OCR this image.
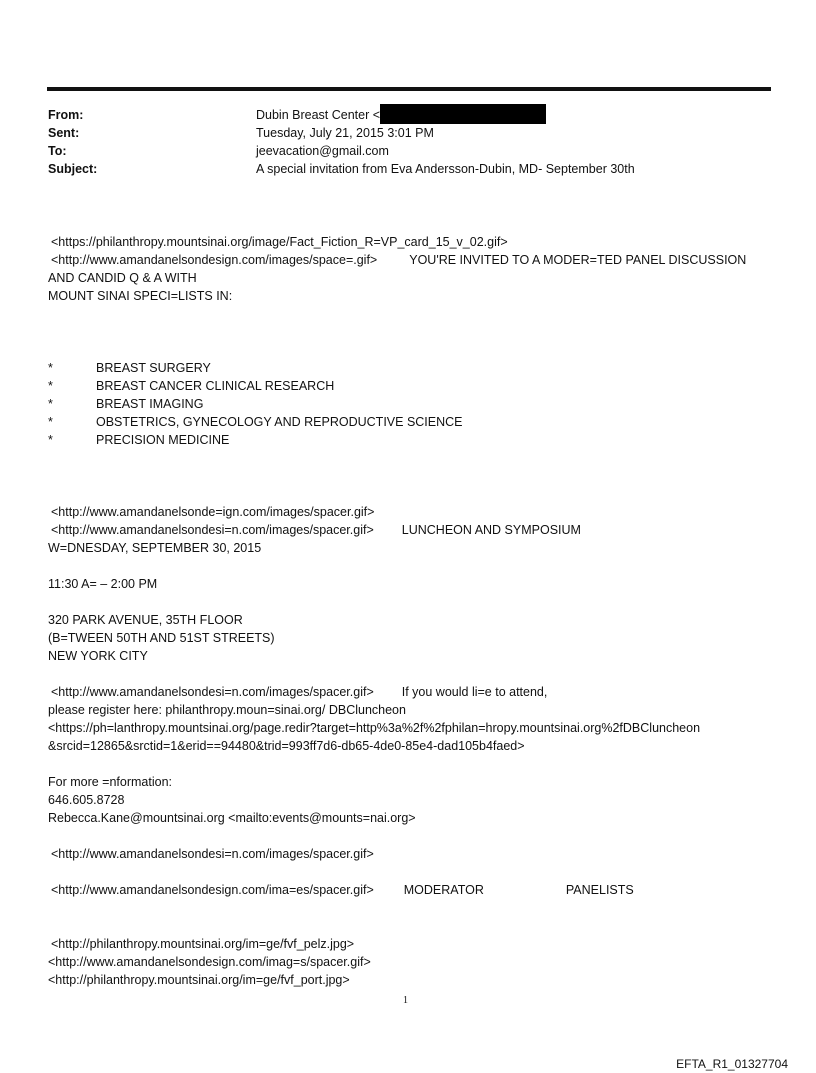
From:	Dubin Breast Center <
Sent:	Tuesday, July 21, 2015 3:01 PM
To:	jeevacation@gmail.com
Subject:	A special invitation from Eva Andersson-Dubin, MD- September 30th
<https://philanthropy.mountsinai.org/image/Fact_Fiction_R=VP_card_15_v_02.gif>
<http://www.amandanelsondesign.com/images/space=.gif>	YOU'RE INVITED TO A MODER=TED PANEL DISCUSSION
AND CANDID Q & A WITH
MOUNT SINAI SPECI=LISTS IN:
*	BREAST SURGERY
*	BREAST CANCER CLINICAL RESEARCH
*	BREAST IMAGING
*	OBSTETRICS, GYNECOLOGY AND REPRODUCTIVE SCIENCE
*	PRECISION MEDICINE
<http://www.amandanelsonde=ign.com/images/spacer.gif>
<http://www.amandanelsondesi=n.com/images/spacer.gif> LUNCHEON AND SYMPOSIUM
W=DNESDAY, SEPTEMBER 30, 2015
11:30 A= – 2:00 PM
320 PARK AVENUE, 35TH FLOOR
(B=TWEEN 50TH AND 51ST STREETS)
NEW YORK CITY
<http://www.amandanelsondesi=n.com/images/spacer.gif> If you would li=e to attend,
please register here: philanthropy.moun=sinai.org/ DBCluncheon
<https://ph=lanthropy.mountsinai.org/page.redir?target=http%3a%2f%2fphilan=hropy.mountsinai.org%2fDBCluncheon
&srcid=12865&srctid=1&erid==94480&trid=993ff7d6-db65-4de0-85e4-dad105b4faed>
For more =nformation:
646.605.8728
Rebecca.Kane@mountsinai.org <mailto:events@mounts=nai.org>
<http://www.amandanelsondesi=n.com/images/spacer.gif>
<http://www.amandanelsondesign.com/ima=es/spacer.gif> MODERATOR	PANELISTS
<http://philanthropy.mountsinai.org/im=ge/fvf_pelz.jpg>
<http://www.amandanelsondesign.com/imag=s/spacer.gif>
<http://philanthropy.mountsinai.org/im=ge/fvf_port.jpg>
1
EFTA_R1_01327704
